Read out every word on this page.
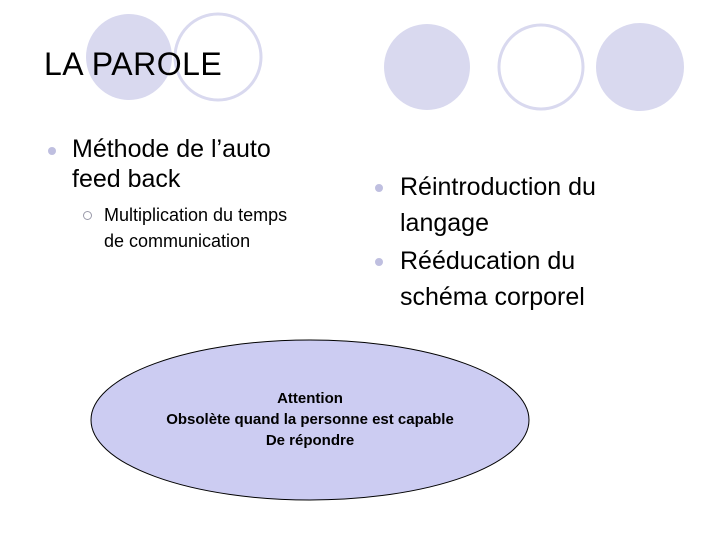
LA PAROLE
Méthode de l’auto
feed back
Multiplication du temps
de communication
Réintroduction du
langage
Rééducation du
schéma corporel
Attention
Obsolète quand la personne est capable
De répondre
